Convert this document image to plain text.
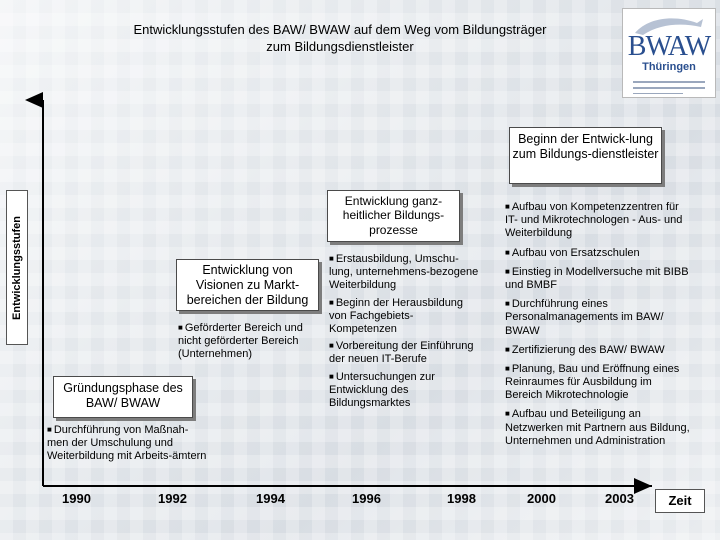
Entwicklungsstufen des BAW/ BWAW auf dem Weg vom Bildungsträger
zum Bildungsdienstleister	BWAW
Thüringen
Entwicklungsstufen
Gründungsphase des BAW/ BWAW
Entwicklung von Visionen zu Markt-bereichen der Bildung
Entwicklung ganz-heitlicher Bildungs-prozesse
Beginn der Entwick-lung zum Bildungs-dienstleister
■ Durchführung von Maßnah-men der Umschulung und Weiterbildung mit Arbeits-ämtern
■ Geförderter Bereich und nicht geförderter Bereich (Unternehmen)
■ Erstausbildung, Umschu-lung, unternehmens-bezogene Weiterbildung
■ Beginn der Herausbildung von Fachgebiets-Kompetenzen
■ Vorbereitung der Einführung der neuen IT-Berufe
■ Untersuchungen zur Entwicklung des Bildungsmarktes
■ Aufbau von Kompetenzzentren für IT- und Mikrotechnologen - Aus- und Weiterbildung
■ Aufbau von Ersatzschulen
■ Einstieg in Modellversuche mit BIBB und BMBF
■ Durchführung eines Personalmanagements im BAW/ BWAW
■ Zertifizierung des BAW/ BWAW
■ Planung, Bau und Eröffnung eines Reinraumes für Ausbildung im Bereich Mikrotechnologie
■ Aufbau und Beteiligung an Netzwerken mit Partnern aus Bildung, Unternehmen und Administration
1990	1992	1994	1996	1998	2000	2003	Zeit
